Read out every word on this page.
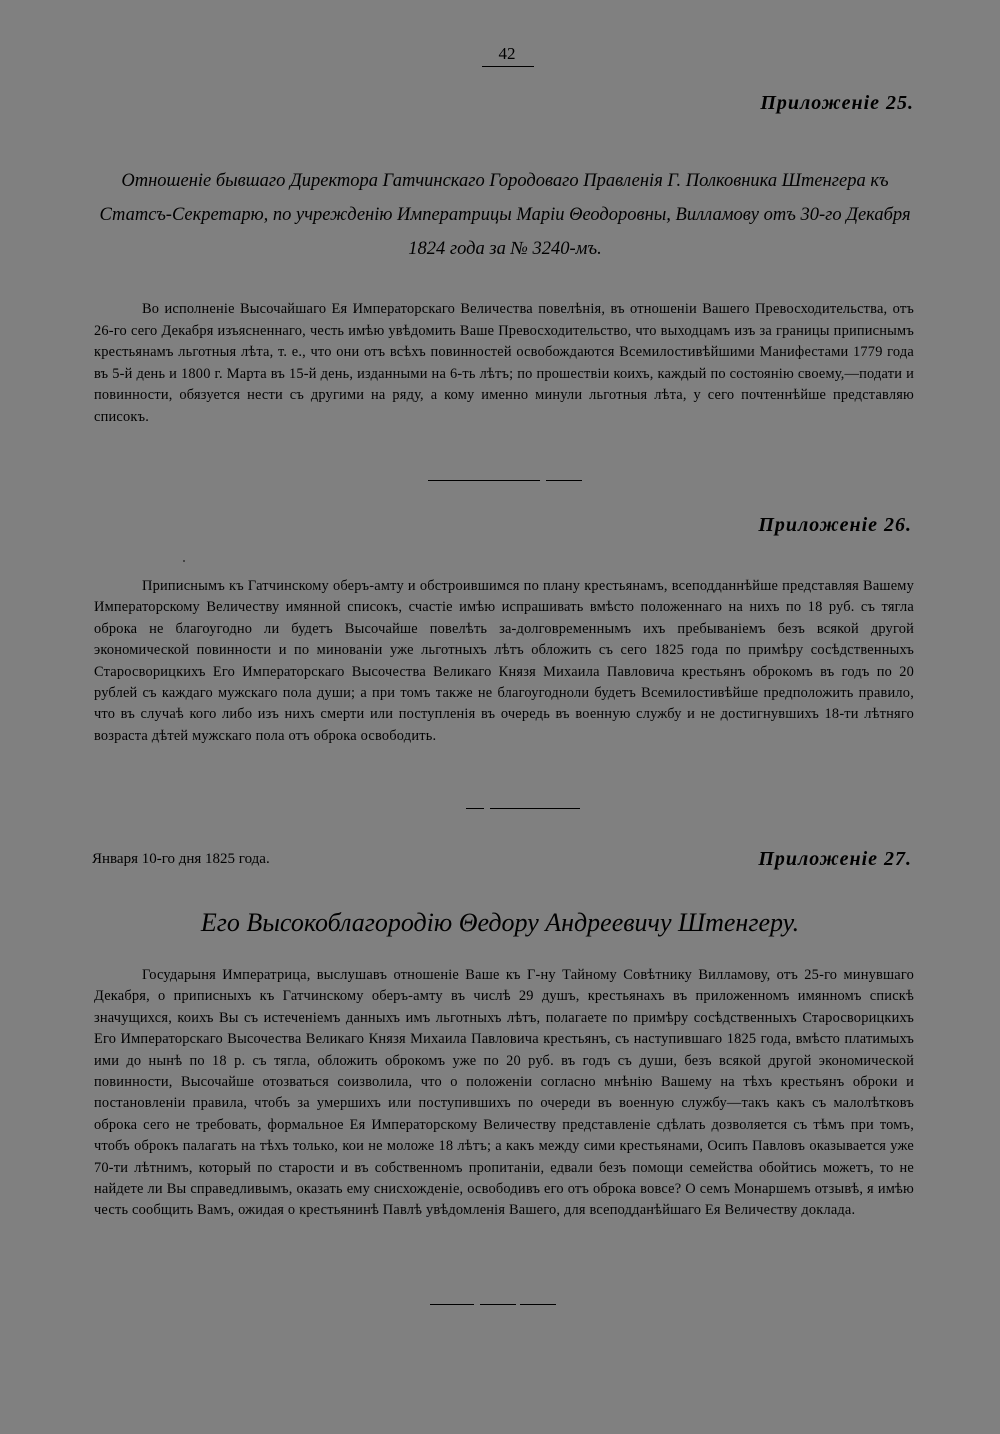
42
Приложенie 25.
Отношенie бывшаго Директора Гатчинскаго Городоваго Правленiя Г. Полковника Штенгера къ Статсъ-Секретарю, по учрежденiю Императрицы Марiи Θеодоровны, Вилламову отъ 30-го Декабря 1824 года за № 3240-мъ.
Во исполненie Высочайшаго Ея Императорскаго Величества повелѣнiя, въ отношенiи Вашего Превосходительства, отъ 26-го сего Декабря изъясненнаго, честь имѣю увѣдомить Ваше Превосходительство, что выходцамъ изъ за границы приписнымъ крестьянамъ льготныя лѣта, т. е., что они отъ всѣхъ повинностей освобождаются Всемилостивѣйшими Манифестами 1779 года въ 5-й день и 1800 г. Марта въ 15-й день, изданными на 6-ть лѣтъ; по прошествiи коихъ, каждый по состоянiю своему,—подати и повинности, обязуется нести съ другими на ряду, а кому именно минули льготныя лѣта, у сего почтеннѣйше представляю списокъ.
Приложенie 26.
Приписнымъ къ Гатчинскому оберъ-амту и обстроившимся по плану крестьянамъ, всеподданнѣйше представляя Вашему Императорскому Величеству имянной списокъ, счастie имѣю испрашивать вмѣсто положеннаго на нихъ по 18 руб. съ тягла оброка не благоугодно ли будетъ Высочайше повелѣть за-долговременнымъ ихъ пребыванiемъ безъ всякой другой экономической повинности и по минованiи уже льготныхъ лѣтъ обложить съ сего 1825 года по примѣру сосѣдственныхъ Старосворицкихъ Его Императорскаго Высочества Великаго Князя Михаила Павловича крестьянъ оброкомъ въ годъ по 20 рублей съ каждаго мужскаго пола души; а при томъ также не благоугодноли будетъ Всемилостивѣйше предположить правило, что въ случаѣ кого либо изъ нихъ смерти или поступленiя въ очередь въ военную службу и не достигнувшихъ 18-ти лѣтняго возраста дѣтей мужскаго пола отъ оброка освободить.
Января 10-го дня 1825 года.	Приложенie 27.
Его Высокоблагородiю Θедору Андреевичу Штенгеру.
Государыня Императрица, выслушавъ отношенie Ваше къ Г-ну Тайному Совѣтнику Вилламову, отъ 25-го минувшаго Декабря, о приписныхъ къ Гатчинскому оберъ-амту въ числѣ 29 душъ, крестьянахъ въ приложенномъ имянномъ спискѣ значущихся, коихъ Вы съ истеченiемъ данныхъ имъ льготныхъ лѣтъ, полагаете по примѣру сосѣдственныхъ Старосворицкихъ Его Императорскаго Высочества Великаго Князя Михаила Павловича крестьянъ, съ наступившаго 1825 года, вмѣсто платимыхъ ими до нынѣ по 18 р. съ тягла, обложить оброкомъ уже по 20 руб. въ годъ съ души, безъ всякой другой экономической повинности, Высочайше отозваться соизволила, что о положенiи согласно мнѣнiю Вашему на тѣхъ крестьянъ оброки и постановленiи правила, чтобъ за умершихъ или поступившихъ по очереди въ военную службу—такъ какъ съ малолѣтковъ оброка сего не требовать, формальное Ея Императорскому Величеству представленie сдѣлать дозволяется съ тѣмъ при томъ, чтобъ оброкъ палагать на тѣхъ только, кои не моложе 18 лѣтъ; а какъ между сими крестьянами, Осипъ Павловъ оказывается уже 70-ти лѣтнимъ, который по старости и въ собственномъ пропитанiи, едвали безъ помощи семейства обойтись можетъ, то не найдете ли Вы справедливымъ, оказать ему снисхожденie, освободивъ его отъ оброка вовсе? О семъ Монаршемъ отзывѣ, я имѣю честь сообщить Вамъ, ожидая о крестьянинѣ Павлѣ увѣдомленiя Вашего, для всеподданѣйшаго Ея Величеству доклада.
